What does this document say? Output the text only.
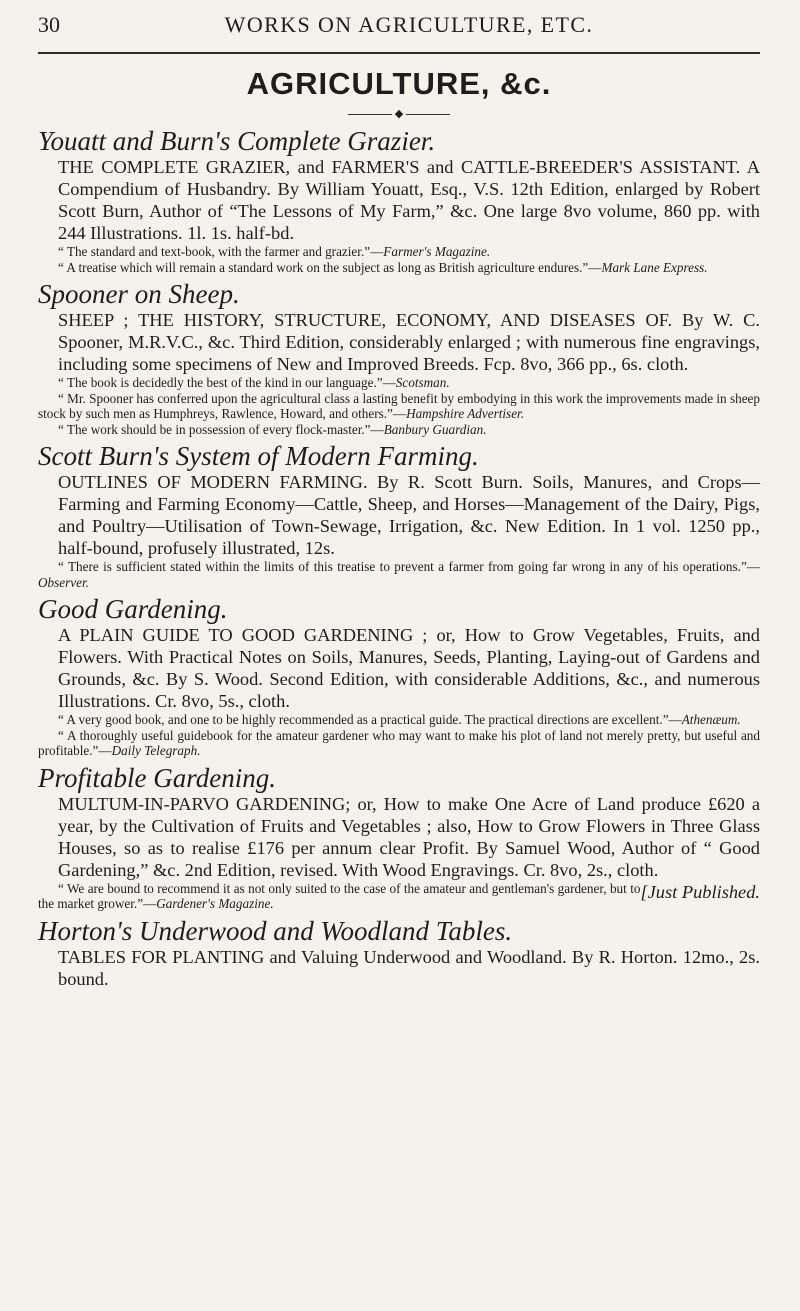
30	WORKS ON AGRICULTURE, ETC.
AGRICULTURE, &c.
◆

Youatt and Burn's Complete Grazier.

THE COMPLETE GRAZIER, and FARMER'S and CATTLE-BREEDER'S ASSISTANT. A Compendium of Husbandry. By William Youatt, Esq., V.S. 12th Edition, enlarged by Robert Scott Burn, Author of “The Lessons of My Farm,” &c. One large 8vo volume, 860 pp. with 244 Illustrations. 1l. 1s. half-bd.

“ The standard and text-book, with the farmer and grazier.”—Farmer's Magazine.

“ A treatise which will remain a standard work on the subject as long as British agriculture endures.”—Mark Lane Express.

Spooner on Sheep.

SHEEP ; THE HISTORY, STRUCTURE, ECONOMY, AND DISEASES OF. By W. C. Spooner, M.R.V.C., &c. Third Edition, considerably enlarged ; with numerous fine engravings, including some specimens of New and Improved Breeds. Fcp. 8vo, 366 pp., 6s. cloth.

“ The book is decidedly the best of the kind in our language.”—Scotsman.

“ Mr. Spooner has conferred upon the agricultural class a lasting benefit by embodying in this work the improvements made in sheep stock by such men as Humphreys, Rawlence, Howard, and others.”—Hampshire Advertiser.

“ The work should be in possession of every flock-master.”—Banbury Guardian.

Scott Burn's System of Modern Farming.

OUTLINES OF MODERN FARMING. By R. Scott Burn. Soils, Manures, and Crops—Farming and Farming Economy—Cattle, Sheep, and Horses—Management of the Dairy, Pigs, and Poultry—Utilisation of Town-Sewage, Irrigation, &c. New Edition. In 1 vol. 1250 pp., half-bound, profusely illustrated, 12s.

“ There is sufficient stated within the limits of this treatise to prevent a farmer from going far wrong in any of his operations.”—Observer.

Good Gardening.

A PLAIN GUIDE TO GOOD GARDENING ; or, How to Grow Vegetables, Fruits, and Flowers. With Practical Notes on Soils, Manures, Seeds, Planting, Laying-out of Gardens and Grounds, &c. By S. Wood. Second Edition, with considerable Additions, &c., and numerous Illustrations. Cr. 8vo, 5s., cloth.

“ A very good book, and one to be highly recommended as a practical guide. The practical directions are excellent.”—Athenæum.

“ A thoroughly useful guidebook for the amateur gardener who may want to make his plot of land not merely pretty, but useful and profitable.”—Daily Telegraph.

Profitable Gardening.

MULTUM-IN-PARVO GARDENING; or, How to make One Acre of Land produce £620 a year, by the Cultivation of Fruits and Vegetables ; also, How to Grow Flowers in Three Glass Houses, so as to realise £176 per annum clear Profit. By Samuel Wood, Author of “ Good Gardening,” &c. 2nd Edition, revised. With Wood Engravings. Cr. 8vo, 2s., cloth.
[Just Published.

“ We are bound to recommend it as not only suited to the case of the amateur and gentleman's gardener, but to the market grower.”—Gardener's Magazine.

Horton's Underwood and Woodland Tables.

TABLES FOR PLANTING and Valuing Underwood and Woodland. By R. Horton. 12mo., 2s. bound.
